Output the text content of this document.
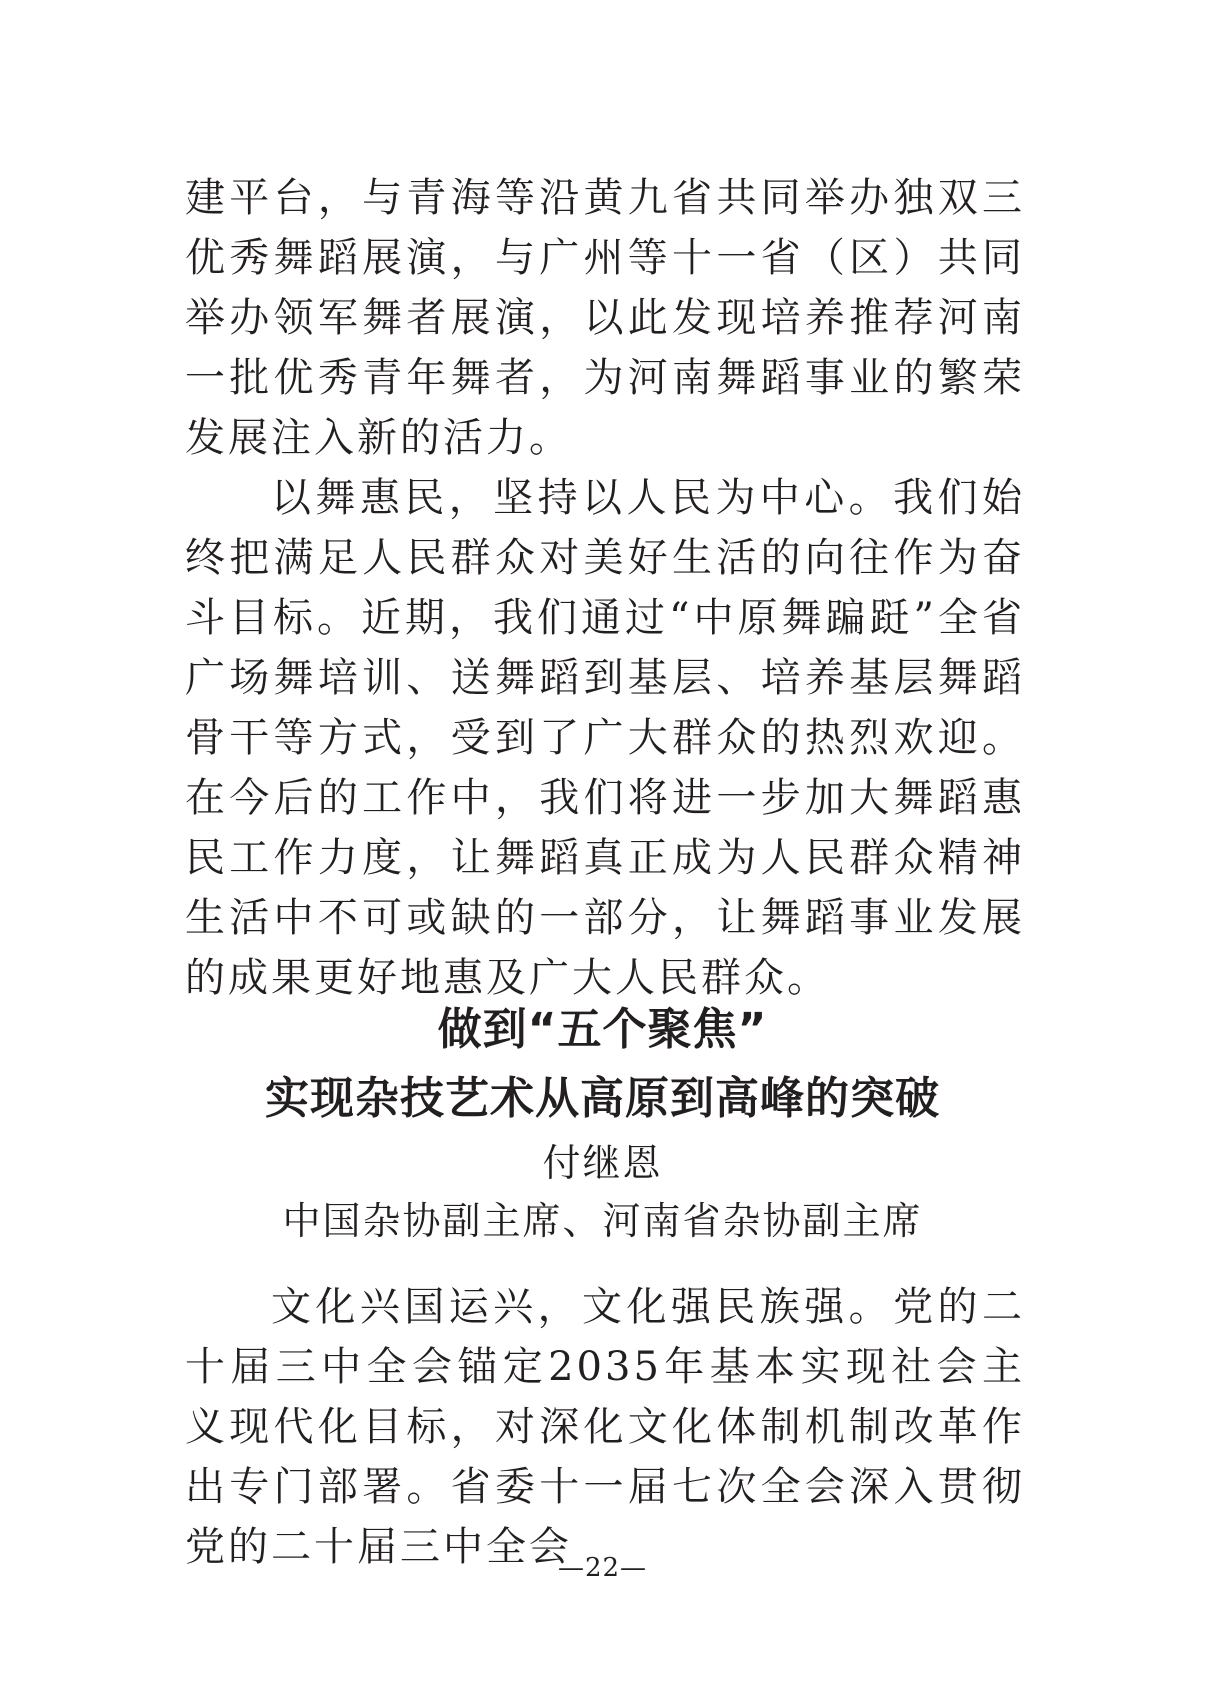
建平台，与青海等沿黄九省共同举办独双三优秀舞蹈展演，与广州等十一省（区）共同举办领军舞者展演，以此发现培养推荐河南一批优秀青年舞者，为河南舞蹈事业的繁荣发展注入新的活力。

以舞惠民，坚持以人民为中心。我们始终把满足人民群众对美好生活的向往作为奋斗目标。近期，我们通过“中原舞蹁跹”全省广场舞培训、送舞蹈到基层、培养基层舞蹈骨干等方式，受到了广大群众的热烈欢迎。在今后的工作中，我们将进一步加大舞蹈惠民工作力度，让舞蹈真正成为人民群众精神生活中不可或缺的一部分，让舞蹈事业发展的成果更好地惠及广大人民群众。

做到“五个聚焦”
实现杂技艺术从高原到高峰的突破

付继恩

中国杂协副主席、河南省杂协副主席

文化兴国运兴，文化强民族强。党的二十届三中全会锚定2035年基本实现社会主义现代化目标，对深化文化体制机制改革作出专门部署。省委十一届七次全会深入贯彻党的二十届三中全会

—22—
